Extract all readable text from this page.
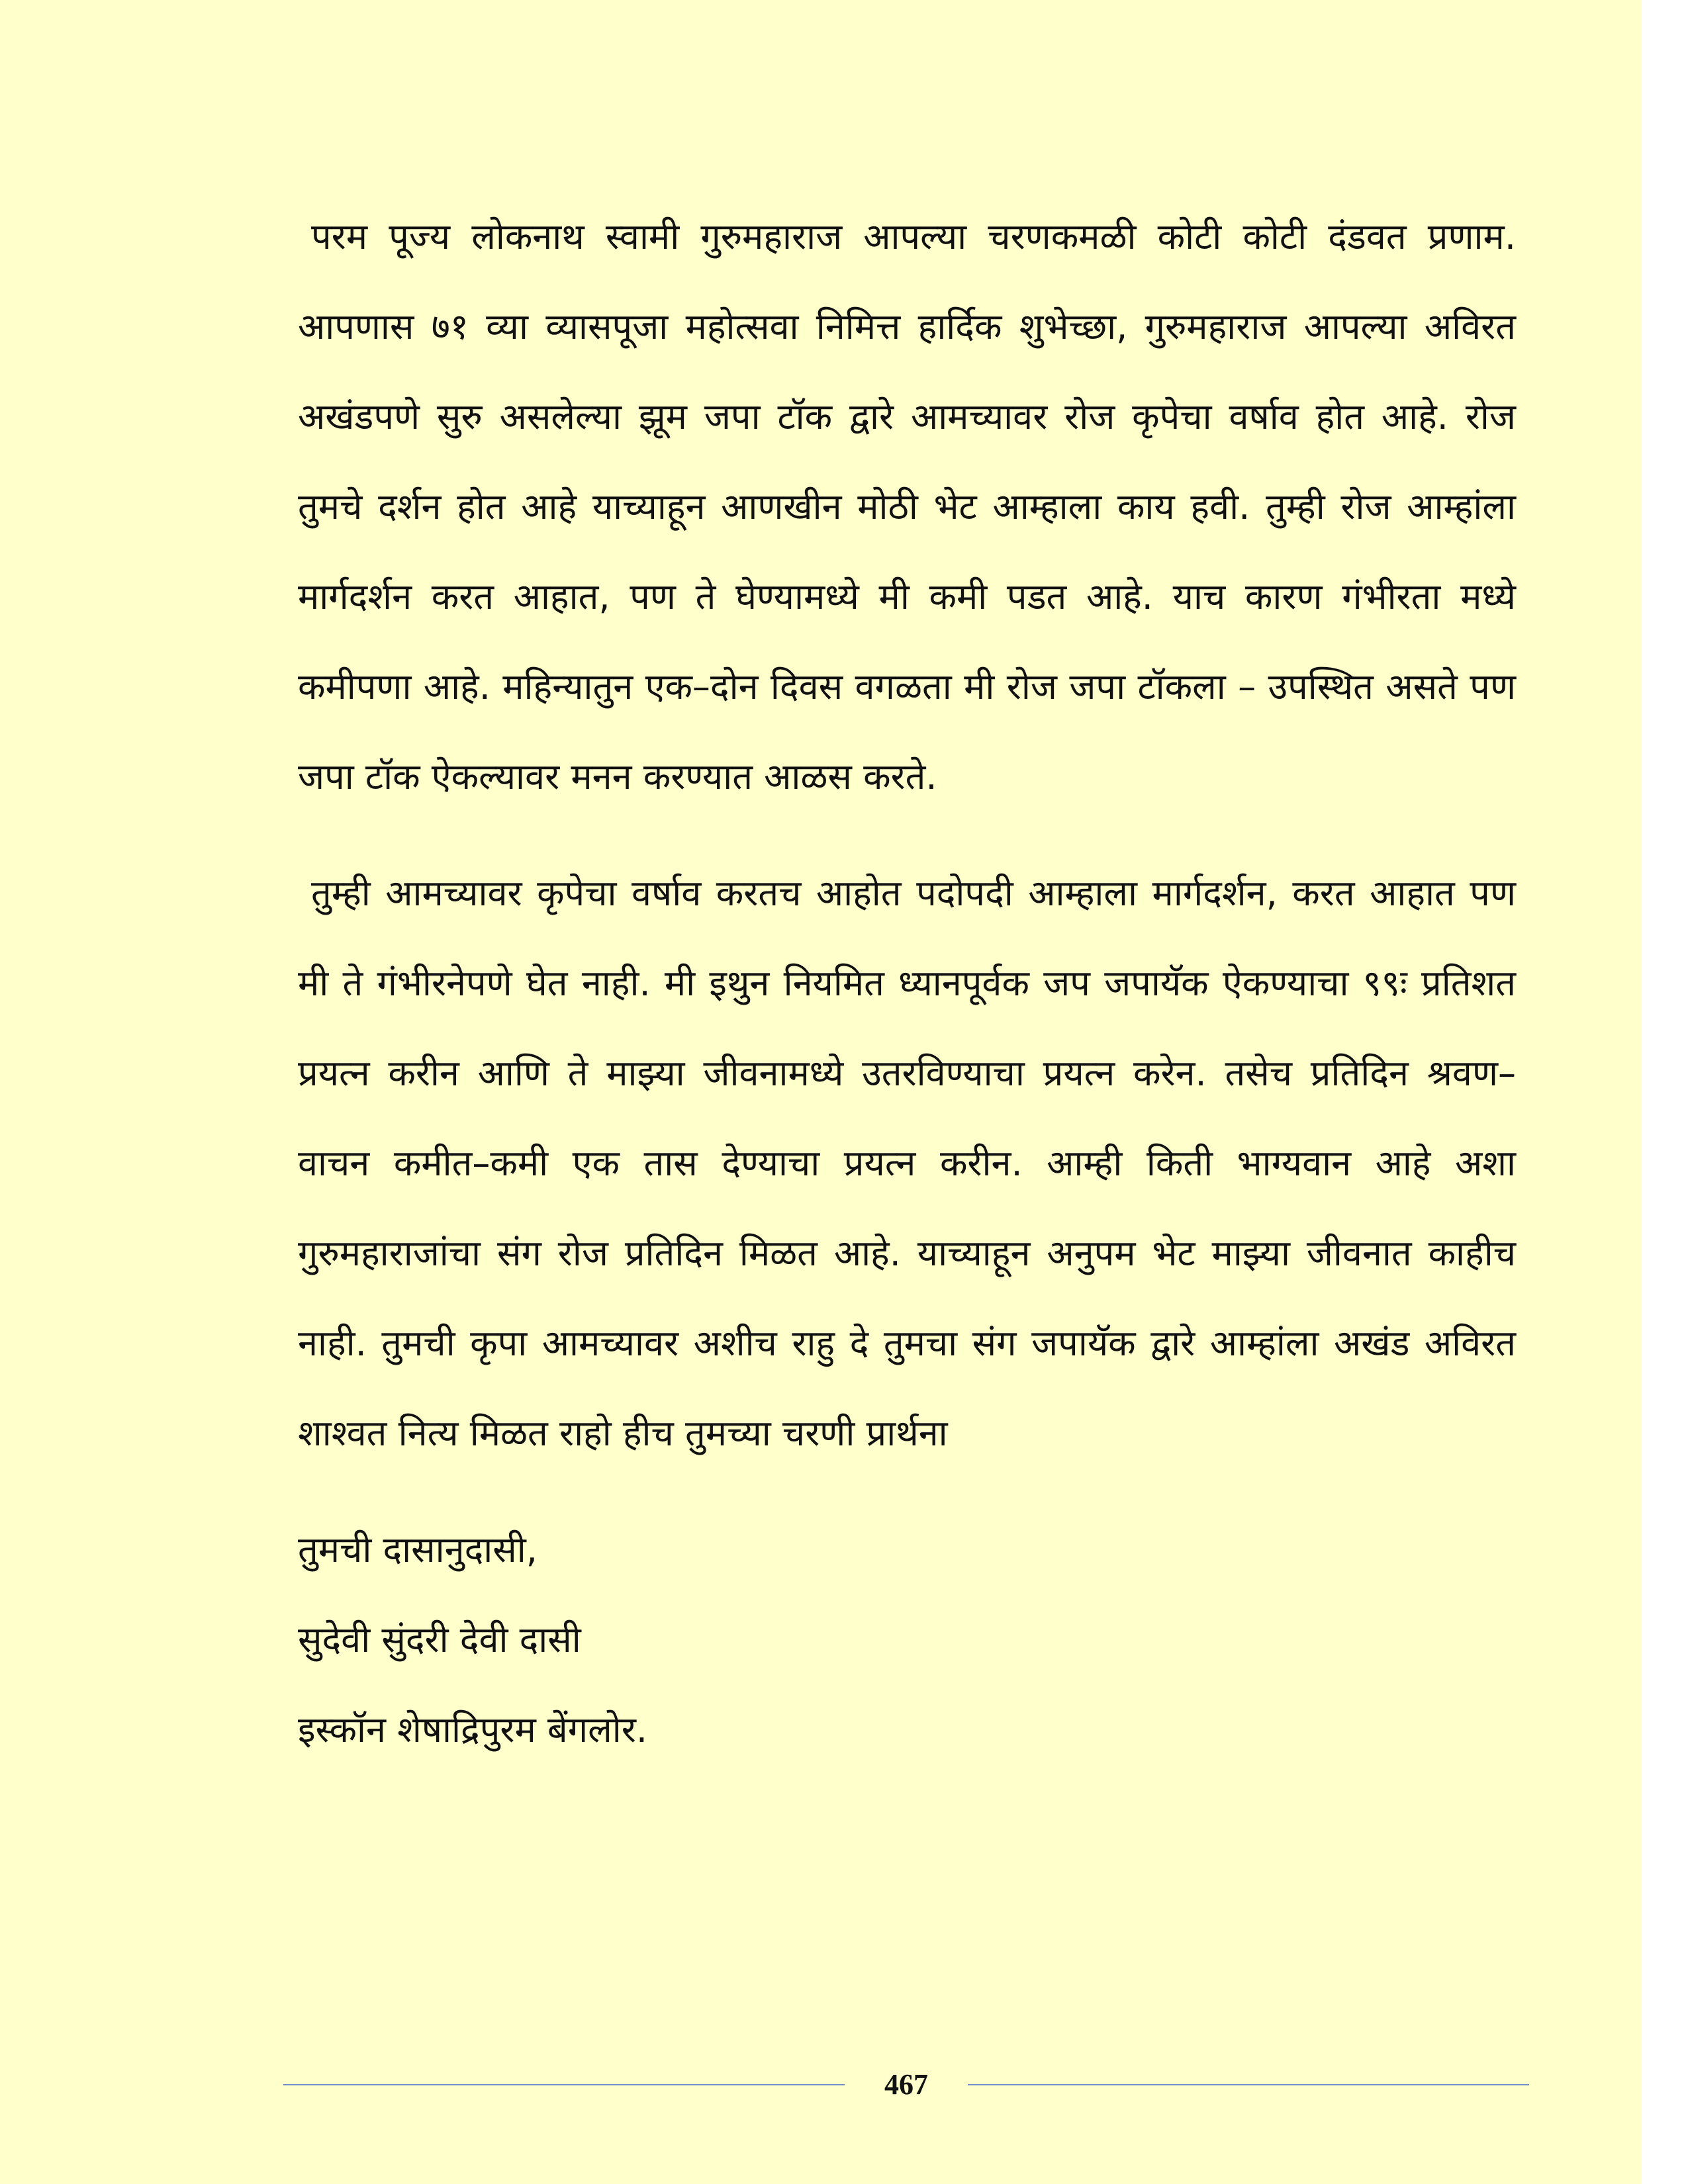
परम पूज्य लोकनाथ स्वामी गुरुमहाराज आपल्या चरणकमळी कोटी कोटी दंडवत प्रणाम. आपणास ७१ व्या व्यासपूजा महोत्सवा निमित्त हार्दिक शुभेच्छा, गुरुमहाराज आपल्या अविरत अखंडपणे सुरु असलेल्या झूम जपा टॉक द्वारे आमच्यावर रोज कृपेचा वर्षाव होत आहे. रोज तुमचे दर्शन होत आहे याच्याहून आणखीन मोठी भेट आम्हाला काय हवी. तुम्ही रोज आम्हांला मार्गदर्शन करत आहात, पण ते घेण्यामध्ये मी कमी पडत आहे. याच कारण गंभीरता मध्ये कमीपणा आहे. महिन्यातुन एक–दोन दिवस वगळता मी रोज जपा टॉकला – उपस्थित असते पण जपा टॉक ऐकल्यावर मनन करण्यात आळस करते.

तुम्ही आमच्यावर कृपेचा वर्षाव करतच आहोत पदोपदी आम्हाला मार्गदर्शन, करत आहात पण मी ते गंभीरनेपणे घेत नाही. मी इथुन नियमित ध्यानपूर्वक जप जपायॅक ऐकण्याचा ९९ः प्रतिशत प्रयत्न करीन आणि ते माझ्या जीवनामध्ये उतरविण्याचा प्रयत्न करेन. तसेच प्रतिदिन श्रवण– वाचन कमीत–कमी एक तास देण्याचा प्रयत्न करीन. आम्ही किती भाग्यवान आहे अशा गुरुमहाराजांचा संग रोज प्रतिदिन मिळत आहे. याच्याहून अनुपम भेट माझ्या जीवनात काहीच नाही. तुमची कृपा आमच्यावर अशीच राहु दे तुमचा संग जपायॅक द्वारे आम्हांला अखंड अविरत शाश्वत नित्य मिळत राहो हीच तुमच्या चरणी प्रार्थना

तुमची दासानुदासी,

सुदेवी सुंदरी देवी दासी

इस्कॉन शेषाद्रिपुरम बेंगलोर.

467
